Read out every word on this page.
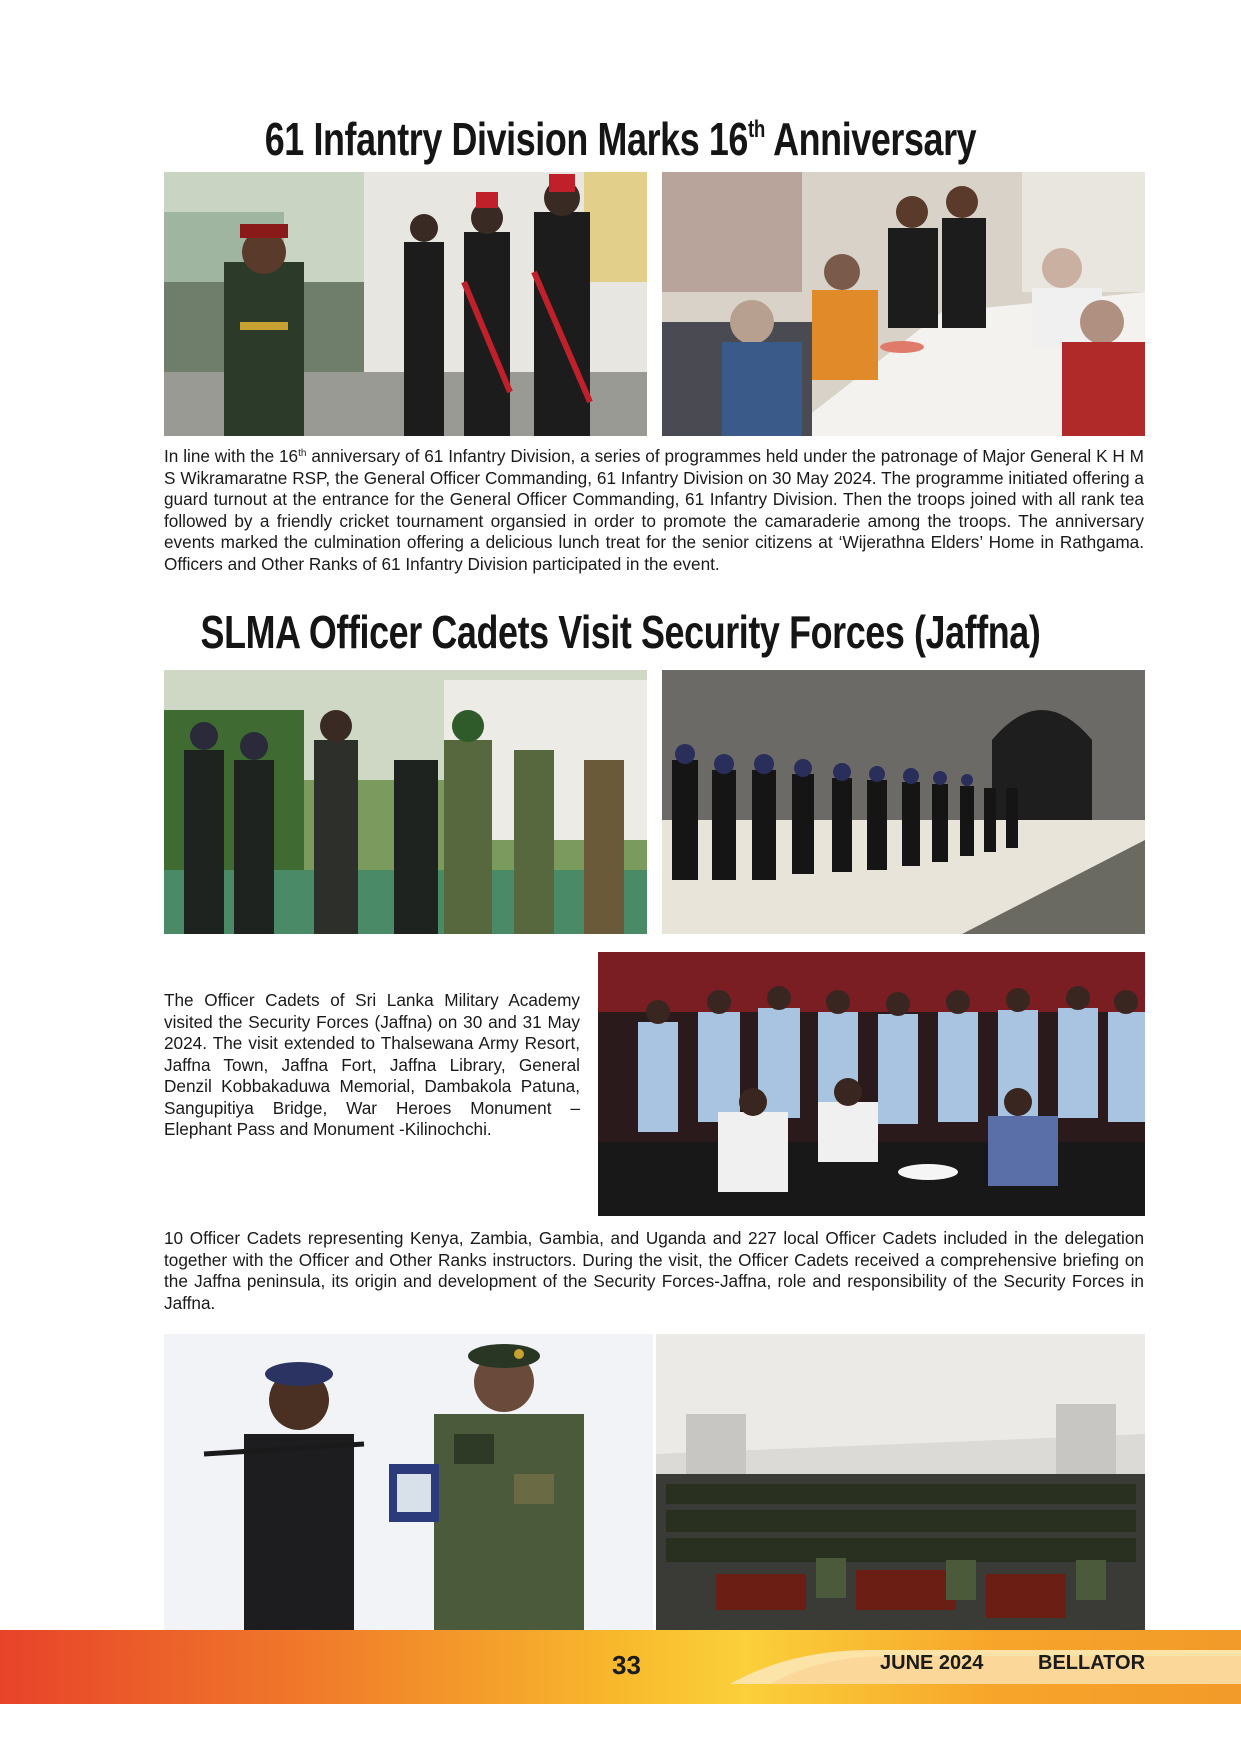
61 Infantry Division Marks 16th Anniversary

In line with the 16th anniversary of 61 Infantry Division, a series of programmes held under the patronage of Major General K H M S Wikramaratne RSP, the General Officer Commanding, 61 Infantry Division on 30 May 2024. The programme initiated offering a guard turnout at the entrance for the General Officer Commanding, 61 Infantry Division. Then the troops joined with all rank tea followed by a friendly cricket tournament organsied in order to promote the camaraderie among the troops. The anniversary events marked the culmination offering a delicious lunch treat for the senior citizens at ‘Wijerathna Elders’ Home in Rathgama. Officers and Other Ranks of 61 Infantry Division participated in the event.

SLMA Officer Cadets Visit Security Forces (Jaffna)

The Officer Cadets of Sri Lanka Military Academy visited the Security Forces (Jaffna) on 30 and 31 May 2024. The visit extended to Thalsewana Army Resort, Jaffna Town, Jaffna Fort, Jaffna Library, General Denzil Kobbakaduwa Memorial, Dambakola Patuna, Sangupitiya Bridge, War Heroes Monument – Elephant Pass and Monument -Kilinochchi.

10 Officer Cadets representing Kenya, Zambia, Gambia, and Uganda and 227 local Officer Cadets included in the delegation together with the Officer and Other Ranks instructors. During the visit, the Officer Cadets received a comprehensive briefing on the Jaffna peninsula, its origin and development of the Security Forces-Jaffna, role and responsibility of the Security Forces in Jaffna.

33	JUNE 2024	BELLATOR
